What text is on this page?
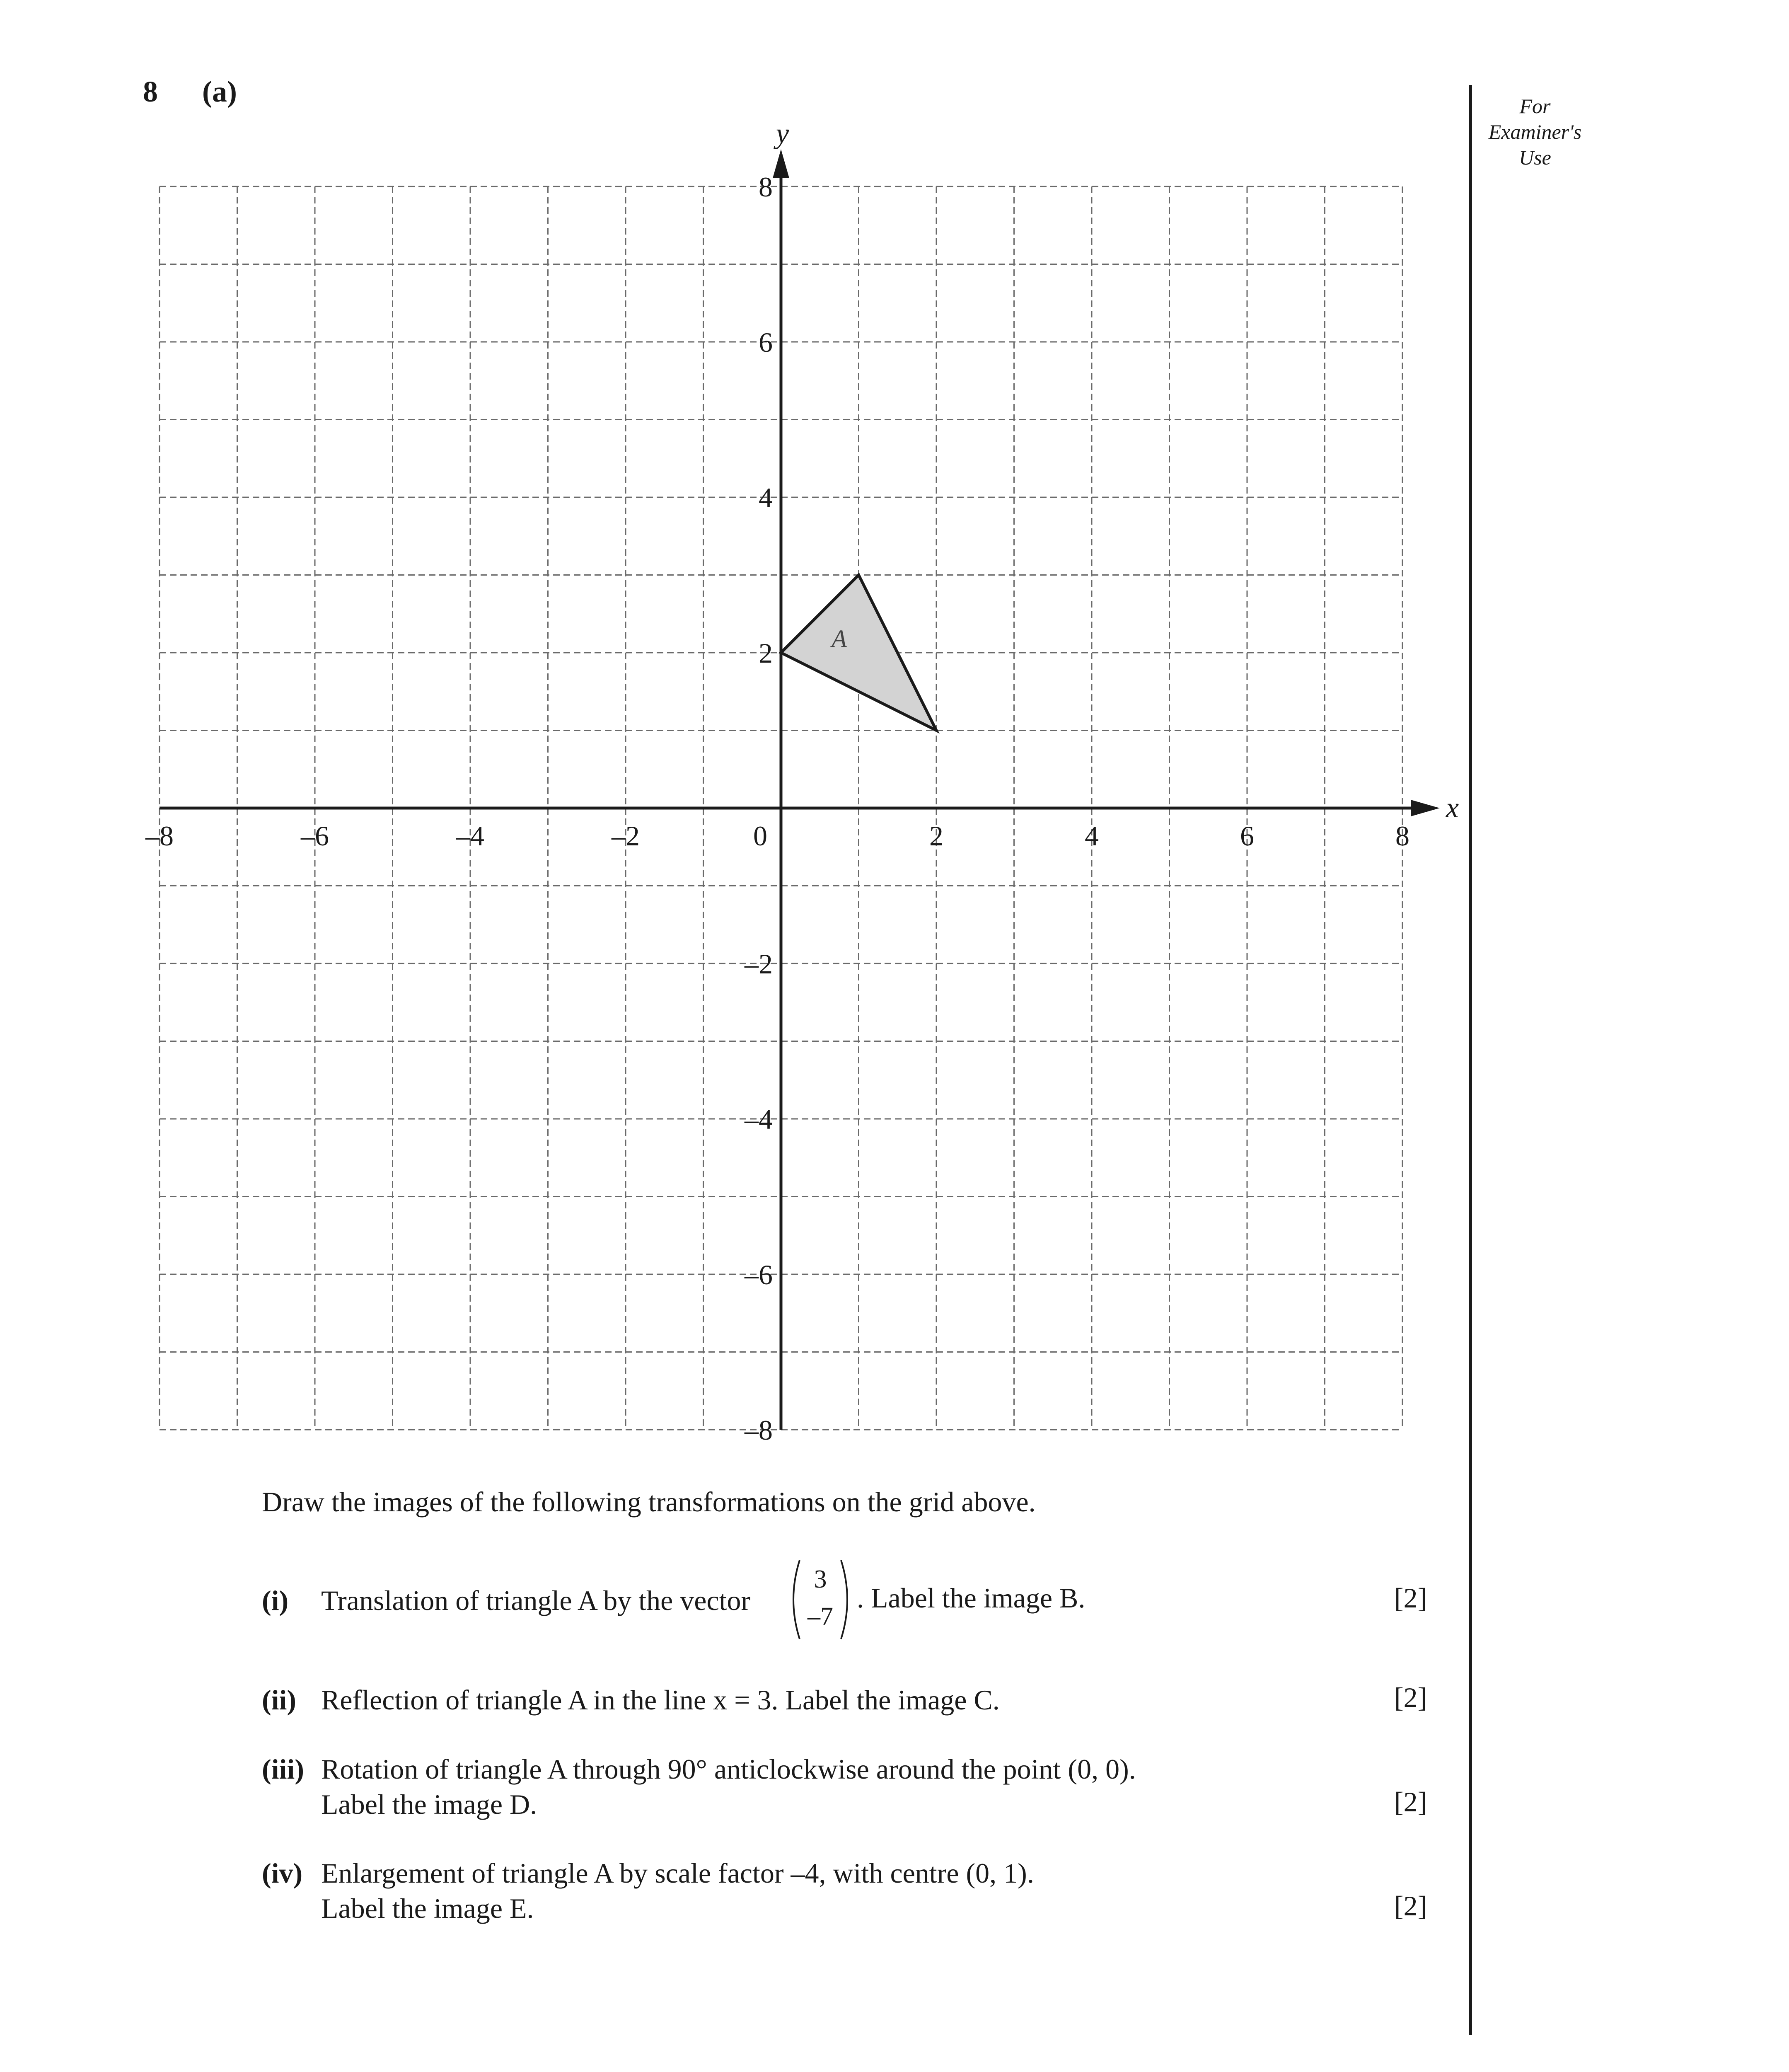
8 (a)	For
Examiner's
Use
x
y
A
–8	–6	–4	–2	0	2	4	6	8
2
4
6
8
–2
–4
–6
–8
Draw the images of the following transformations on the grid above.
(i) Translation of triangle A by the vector
3
–7
. Label the image B.	[2]
(ii) Reflection of triangle A in the line x = 3. Label the image C.	[2]
(iii) Rotation of triangle A through 90° anticlockwise around the point (0, 0).
Label the image D.	[2]
(iv) Enlargement of triangle A by scale factor –4, with centre (0, 1).
Label the image E.	[2]
